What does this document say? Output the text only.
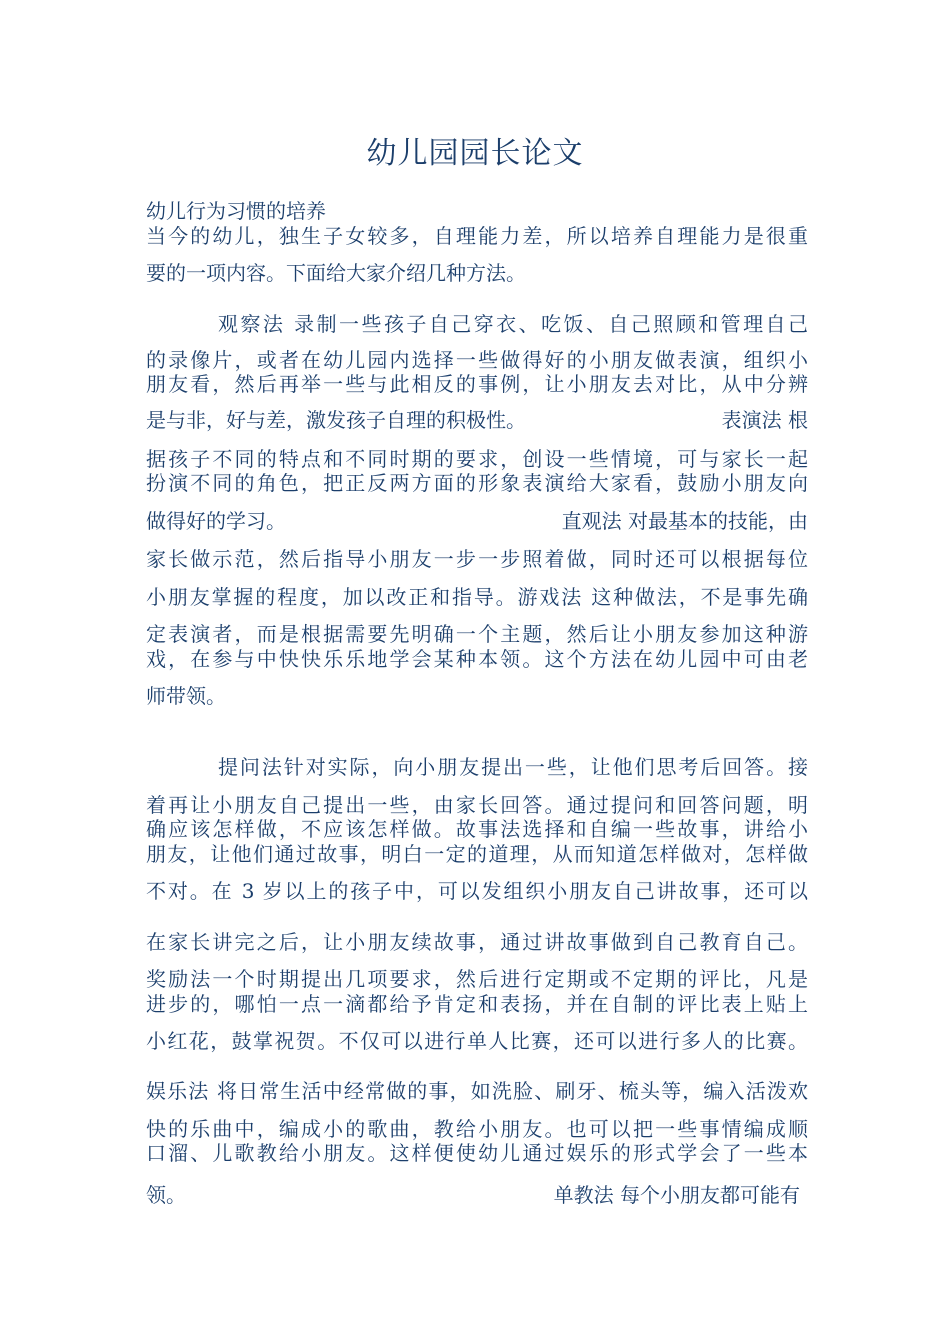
幼儿园园长论文

幼儿行为习惯的培养

当今的幼儿，独生子女较多，自理能力差，所以培养自理能力是很重

要的一项内容。下面给大家介绍几种方法。

观察法 录制一些孩子自己穿衣、吃饭、自己照顾和管理自己

的录像片，或者在幼儿园内选择一些做得好的小朋友做表演，组织小

朋友看，然后再举一些与此相反的事例，让小朋友去对比，从中分辨

是与非，好与差，激发孩子自理的积极性。	表演法 根

据孩子不同的特点和不同时期的要求，创设一些情境，可与家长一起

扮演不同的角色，把正反两方面的形象表演给大家看，鼓励小朋友向

做得好的学习。	直观法 对最基本的技能，由

家长做示范，然后指导小朋友一步一步照着做，同时还可以根据每位

小朋友掌握的程度，加以改正和指导。游戏法 这种做法，不是事先确

定表演者，而是根据需要先明确一个主题，然后让小朋友参加这种游

戏，在参与中快快乐乐地学会某种本领。这个方法在幼儿园中可由老

师带领。

提问法针对实际，向小朋友提出一些，让他们思考后回答。接

着再让小朋友自己提出一些，由家长回答。通过提问和回答问题，明

确应该怎样做，不应该怎样做。故事法选择和自编一些故事，讲给小

朋友，让他们通过故事，明白一定的道理，从而知道怎样做对，怎样做

不对。在 3 岁以上的孩子中，可以发组织小朋友自己讲故事，还可以

在家长讲完之后，让小朋友续故事，通过讲故事做到自己教育自己。

奖励法一个时期提出几项要求，然后进行定期或不定期的评比，凡是

进步的，哪怕一点一滴都给予肯定和表扬，并在自制的评比表上贴上

小红花，鼓掌祝贺。不仅可以进行单人比赛，还可以进行多人的比赛。

娱乐法 将日常生活中经常做的事，如洗脸、刷牙、梳头等，编入活泼欢

快的乐曲中，编成小的歌曲，教给小朋友。也可以把一些事情编成顺

口溜、儿歌教给小朋友。这样便使幼儿通过娱乐的形式学会了一些本

领。	单教法 每个小朋友都可能有
